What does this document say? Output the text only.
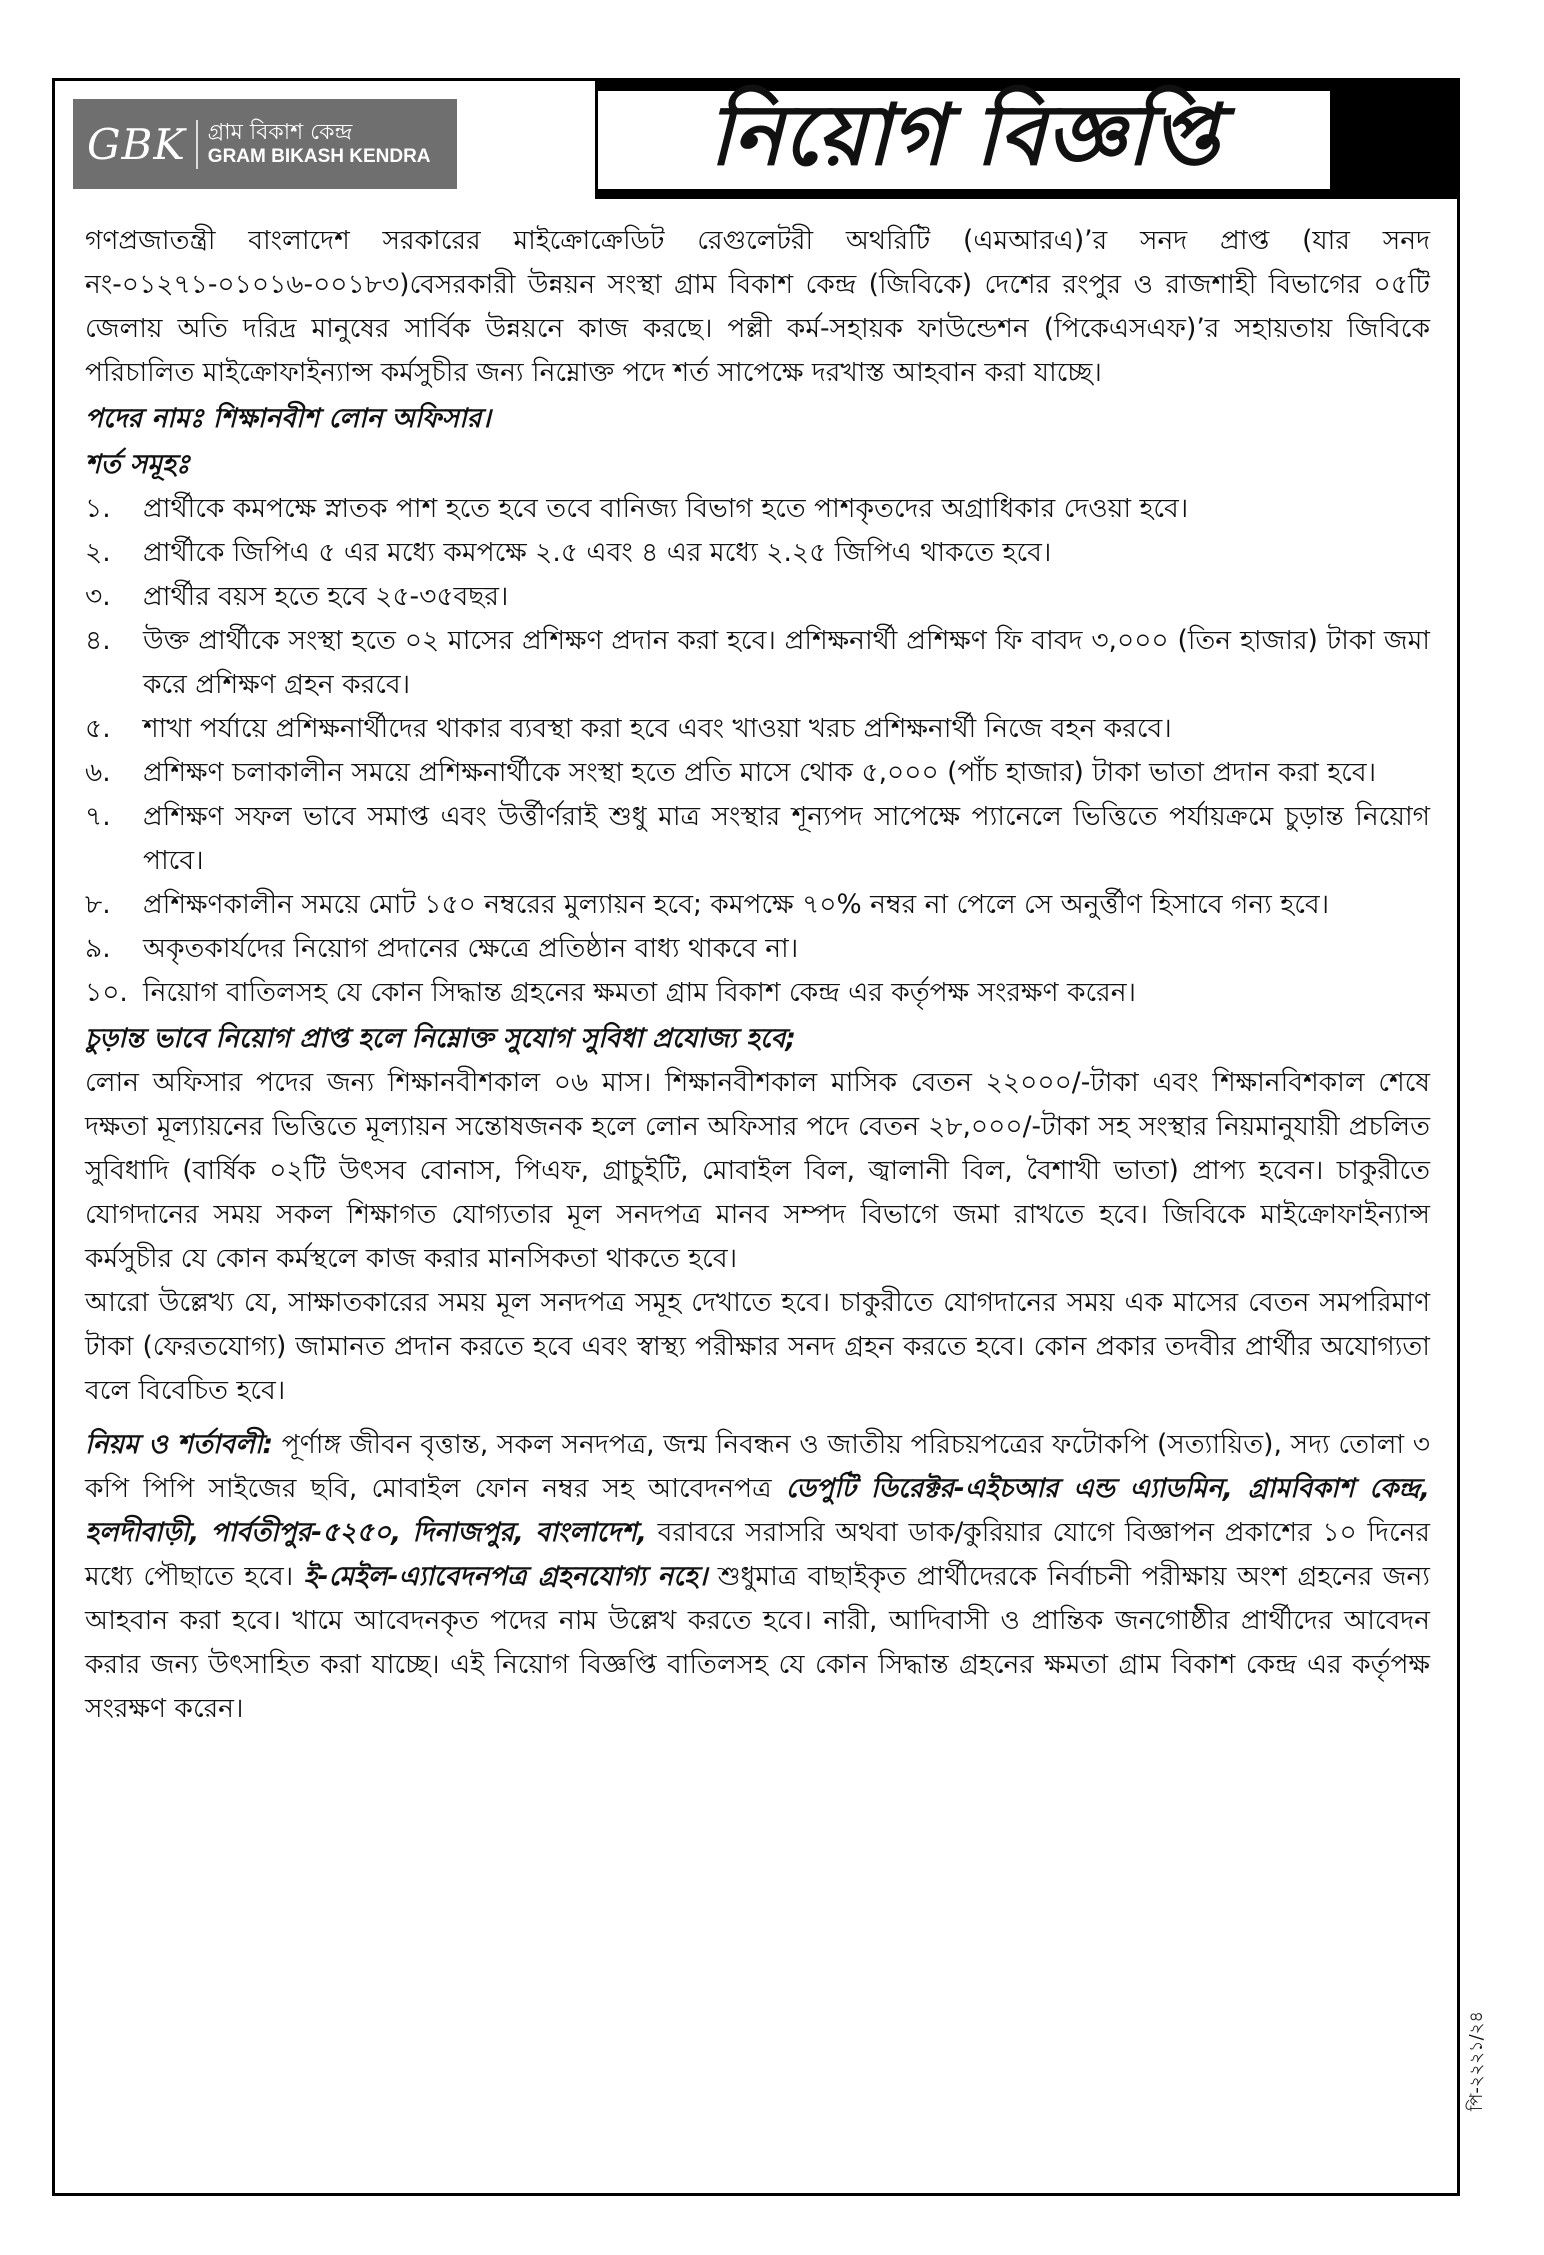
GBK	গ্রাম বিকাশ কেন্দ্র
GRAM BIKASH KENDRA	নিয়োগ বিজ্ঞপ্তি

গণপ্রজাতন্ত্রী বাংলাদেশ সরকারের মাইক্রোক্রেডিট রেগুলেটরী অথরিটি (এমআরএ)’র সনদ প্রাপ্ত (যার সনদ নং-০১২৭১-০১০১৬-০০১৮৩)বেসরকারী উন্নয়ন সংস্থা গ্রাম বিকাশ কেন্দ্র (জিবিকে) দেশের রংপুর ও রাজশাহী বিভাগের ০৫টি জেলায় অতি দরিদ্র মানুষের সার্বিক উন্নয়নে কাজ করছে। পল্লী কর্ম-সহায়ক ফাউন্ডেশন (পিকেএসএফ)’র সহায়তায় জিবিকে পরিচালিত মাইক্রোফাইন্যান্স কর্মসুচীর জন্য নিম্নোক্ত পদে শর্ত সাপেক্ষে দরখাস্ত আহবান করা যাচ্ছে।

পদের নামঃ শিক্ষানবীশ লোন অফিসার।
শর্ত সমূহঃ
১.	প্রার্থীকে কমপক্ষে স্নাতক পাশ হতে হবে তবে বানিজ্য বিভাগ হতে পাশকৃতদের অগ্রাধিকার দেওয়া হবে।
২.	প্রার্থীকে জিপিএ ৫ এর মধ্যে কমপক্ষে ২.৫ এবং ৪ এর মধ্যে ২.২৫ জিপিএ থাকতে হবে।
৩.	প্রার্থীর বয়স হতে হবে ২৫-৩৫বছর।
৪.	উক্ত প্রার্থীকে সংস্থা হতে ০২ মাসের প্রশিক্ষণ প্রদান করা হবে। প্রশিক্ষনার্থী প্রশিক্ষণ ফি বাবদ ৩,০০০ (তিন হাজার) টাকা জমা করে প্রশিক্ষণ গ্রহন করবে।
৫.	শাখা পর্যায়ে প্রশিক্ষনার্থীদের থাকার ব্যবস্থা করা হবে এবং খাওয়া খরচ প্রশিক্ষনার্থী নিজে বহন করবে।
৬.	প্রশিক্ষণ চলাকালীন সময়ে প্রশিক্ষনার্থীকে সংস্থা হতে প্রতি মাসে থোক ৫,০০০ (পাঁচ হাজার) টাকা ভাতা প্রদান করা হবে।
৭.	প্রশিক্ষণ সফল ভাবে সমাপ্ত এবং উর্ত্তীর্ণরাই শুধু মাত্র সংস্থার শূন্যপদ সাপেক্ষে প্যানেলে ভিত্তিতে পর্যায়ক্রমে চুড়ান্ত নিয়োগ পাবে।
৮.	প্রশিক্ষণকালীন সময়ে মোট ১৫০ নম্বরের মুল্যায়ন হবে; কমপক্ষে ৭০% নম্বর না পেলে সে অনুর্ত্তীণ হিসাবে গন্য হবে।
৯.	অকৃতকার্যদের নিয়োগ প্রদানের ক্ষেত্রে প্রতিষ্ঠান বাধ্য থাকবে না।
১০. নিয়োগ বাতিলসহ যে কোন সিদ্ধান্ত গ্রহনের ক্ষমতা গ্রাম বিকাশ কেন্দ্র এর কর্তৃপক্ষ সংরক্ষণ করেন।
চুড়ান্ত ভাবে নিয়োগ প্রাপ্ত হলে নিম্নোক্ত সুযোগ সুবিধা প্রযোজ্য হবে;

লোন অফিসার পদের জন্য শিক্ষানবীশকাল ০৬ মাস। শিক্ষানবীশকাল মাসিক বেতন ২২০০০/-টাকা এবং শিক্ষানবিশকাল শেষে দক্ষতা মূল্যায়নের ভিত্তিতে মূল্যায়ন সন্তোষজনক হলে লোন অফিসার পদে বেতন ২৮,০০০/-টাকা সহ সংস্থার নিয়মানুযায়ী প্রচলিত সুবিধাদি (বার্ষিক ০২টি উৎসব বোনাস, পিএফ, গ্রাচুইটি, মোবাইল বিল, জ্বালানী বিল, বৈশাখী ভাতা) প্রাপ্য হবেন। চাকুরীতে যোগদানের সময় সকল শিক্ষাগত যোগ্যতার মূল সনদপত্র মানব সম্পদ বিভাগে জমা রাখতে হবে। জিবিকে মাইক্রোফাইন্যান্স কর্মসুচীর যে কোন কর্মস্থলে কাজ করার মানসিকতা থাকতে হবে।

আরো উল্লেখ্য যে, সাক্ষাতকারের সময় মূল সনদপত্র সমূহ দেখাতে হবে। চাকুরীতে যোগদানের সময় এক মাসের বেতন সমপরিমাণ টাকা (ফেরতযোগ্য) জামানত প্রদান করতে হবে এবং স্বাস্থ্য পরীক্ষার সনদ গ্রহন করতে হবে। কোন প্রকার তদবীর প্রার্থীর অযোগ্যতা বলে বিবেচিত হবে।

নিয়ম ও শর্তাবলী: পূর্ণাঙ্গ জীবন বৃত্তান্ত, সকল সনদপত্র, জন্ম নিবন্ধন ও জাতীয় পরিচয়পত্রের ফটোকপি (সত্যায়িত), সদ্য তোলা ৩ কপি পিপি সাইজের ছবি, মোবাইল ফোন নম্বর সহ আবেদনপত্র ডেপুটি ডিরেক্টর-এইচআর এন্ড এ্যাডমিন, গ্রামবিকাশ কেন্দ্র, হলদীবাড়ী, পার্বতীপুর-৫২৫০, দিনাজপুর, বাংলাদেশ, বরাবরে সরাসরি অথবা ডাক/কুরিয়ার যোগে বিজ্ঞাপন প্রকাশের ১০ দিনের মধ্যে পৌছাতে হবে। ই-মেইল-এ্যাবেদনপত্র গ্রহনযোগ্য নহে। শুধুমাত্র বাছাইকৃত প্রার্থীদেরকে নির্বাচনী পরীক্ষায় অংশ গ্রহনের জন্য আহবান করা হবে। খামে আবেদনকৃত পদের নাম উল্লেখ করতে হবে। নারী, আদিবাসী ও প্রান্তিক জনগোষ্ঠীর প্রার্থীদের আবেদন করার জন্য উৎসাহিত করা যাচ্ছে। এই নিয়োগ বিজ্ঞপ্তি বাতিলসহ যে কোন সিদ্ধান্ত গ্রহনের ক্ষমতা গ্রাম বিকাশ কেন্দ্র এর কর্তৃপক্ষ সংরক্ষণ করেন।

পি-২২২১/২৪
